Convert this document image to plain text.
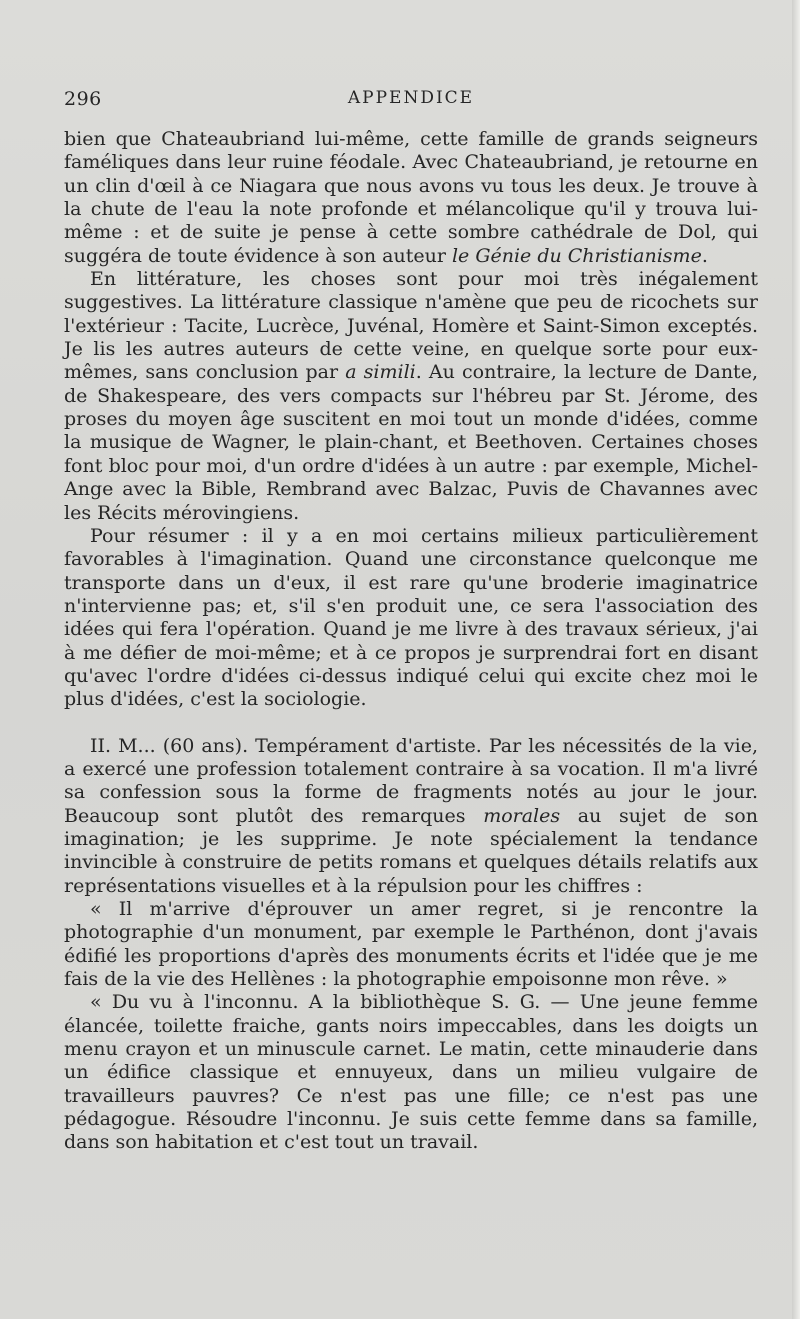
296	APPENDICE

bien que Chateaubriand lui-même, cette famille de grands seigneurs faméliques dans leur ruine féodale. Avec Chateaubriand, je retourne en un clin d'œil à ce Niagara que nous avons vu tous les deux. Je trouve à la chute de l'eau la note profonde et mélancolique qu'il y trouva lui-même : et de suite je pense à cette sombre cathédrale de Dol, qui suggéra de toute évidence à son auteur le Génie du Christianisme.

En littérature, les choses sont pour moi très inégalement suggestives. La littérature classique n'amène que peu de ricochets sur l'extérieur : Tacite, Lucrèce, Juvénal, Homère et Saint-Simon exceptés. Je lis les autres auteurs de cette veine, en quelque sorte pour eux-mêmes, sans conclusion par a simili. Au contraire, la lecture de Dante, de Shakespeare, des vers compacts sur l'hébreu par St. Jérome, des proses du moyen âge suscitent en moi tout un monde d'idées, comme la musique de Wagner, le plain-chant, et Beethoven. Certaines choses font bloc pour moi, d'un ordre d'idées à un autre : par exemple, Michel-Ange avec la Bible, Rembrand avec Balzac, Puvis de Chavannes avec les Récits mérovingiens.

Pour résumer : il y a en moi certains milieux particulièrement favorables à l'imagination. Quand une circonstance quelconque me transporte dans un d'eux, il est rare qu'une broderie imaginatrice n'intervienne pas; et, s'il s'en produit une, ce sera l'association des idées qui fera l'opération. Quand je me livre à des travaux sérieux, j'ai à me défier de moi-même; et à ce propos je surprendrai fort en disant qu'avec l'ordre d'idées ci-dessus indiqué celui qui excite chez moi le plus d'idées, c'est la sociologie.

II. M... (60 ans). Tempérament d'artiste. Par les nécessités de la vie, a exercé une profession totalement contraire à sa vocation. Il m'a livré sa confession sous la forme de fragments notés au jour le jour. Beaucoup sont plutôt des remarques morales au sujet de son imagination; je les supprime. Je note spécialement la tendance invincible à construire de petits romans et quelques détails relatifs aux représentations visuelles et à la répulsion pour les chiffres :

« Il m'arrive d'éprouver un amer regret, si je rencontre la photographie d'un monument, par exemple le Parthénon, dont j'avais édifié les proportions d'après des monuments écrits et l'idée que je me fais de la vie des Hellènes : la photographie empoisonne mon rêve. »

« Du vu à l'inconnu. A la bibliothèque S. G. — Une jeune femme élancée, toilette fraiche, gants noirs impeccables, dans les doigts un menu crayon et un minuscule carnet. Le matin, cette minauderie dans un édifice classique et ennuyeux, dans un milieu vulgaire de travailleurs pauvres? Ce n'est pas une fille; ce n'est pas une pédagogue. Résoudre l'inconnu. Je suis cette femme dans sa famille, dans son habitation et c'est tout un travail.
